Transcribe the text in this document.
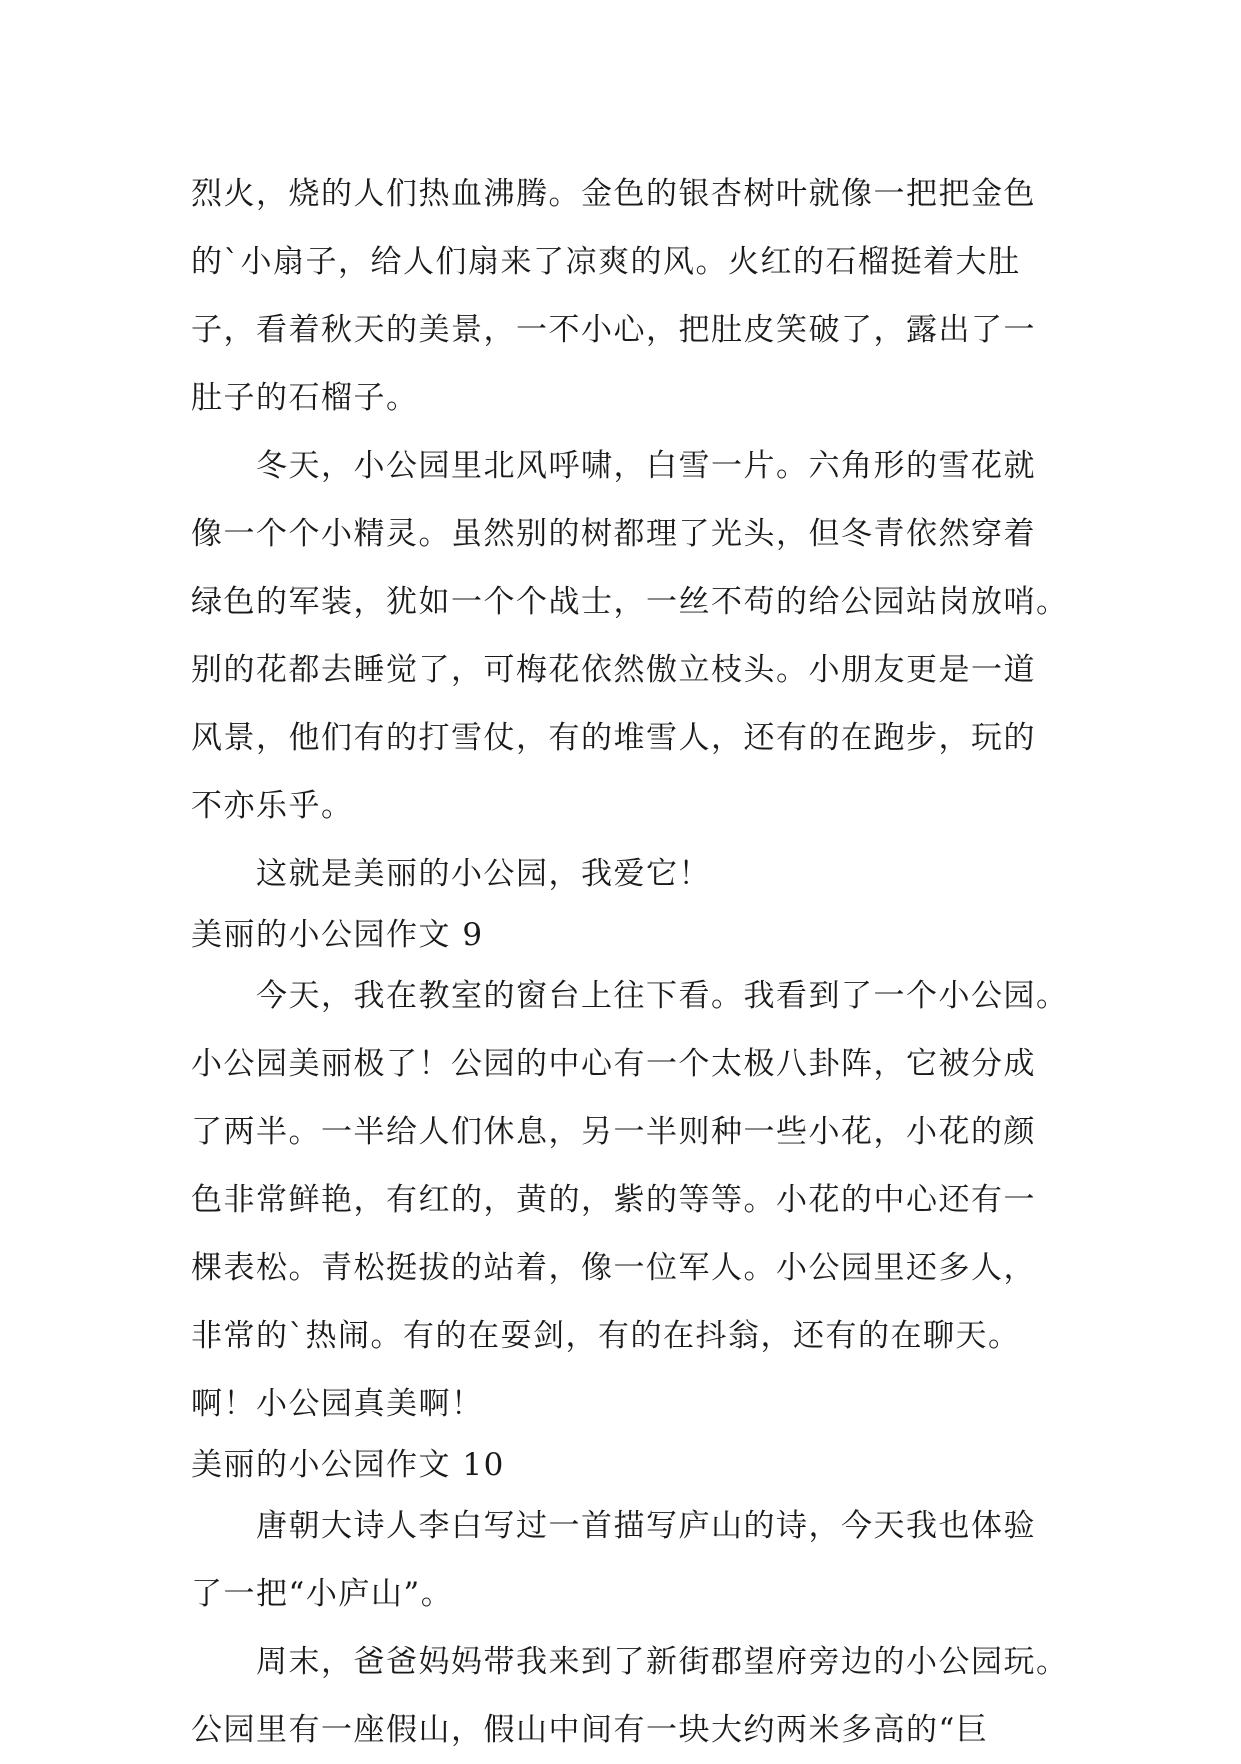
烈火，烧的人们热血沸腾。金色的银杏树叶就像一把把金色
的`小扇子，给人们扇来了凉爽的风。火红的石榴挺着大肚
子，看着秋天的美景，一不小心，把肚皮笑破了，露出了一
肚子的石榴子。
冬天，小公园里北风呼啸，白雪一片。六角形的雪花就
像一个个小精灵。虽然别的树都理了光头，但冬青依然穿着
绿色的军装，犹如一个个战士，一丝不苟的给公园站岗放哨。
别的花都去睡觉了，可梅花依然傲立枝头。小朋友更是一道
风景，他们有的打雪仗，有的堆雪人，还有的在跑步，玩的
不亦乐乎。
这就是美丽的小公园，我爱它！
美丽的小公园作文 9
今天，我在教室的窗台上往下看。我看到了一个小公园。
小公园美丽极了！公园的中心有一个太极八卦阵，它被分成
了两半。一半给人们休息，另一半则种一些小花，小花的颜
色非常鲜艳，有红的，黄的，紫的等等。小花的中心还有一
棵表松。青松挺拔的站着，像一位军人。小公园里还多人，
非常的`热闹。有的在耍剑，有的在抖翁，还有的在聊天。
啊！小公园真美啊！
美丽的小公园作文 10
唐朝大诗人李白写过一首描写庐山的诗，今天我也体验
了一把“小庐山”。
周末，爸爸妈妈带我来到了新街郡望府旁边的小公园玩。
公园里有一座假山，假山中间有一块大约两米多高的“巨
